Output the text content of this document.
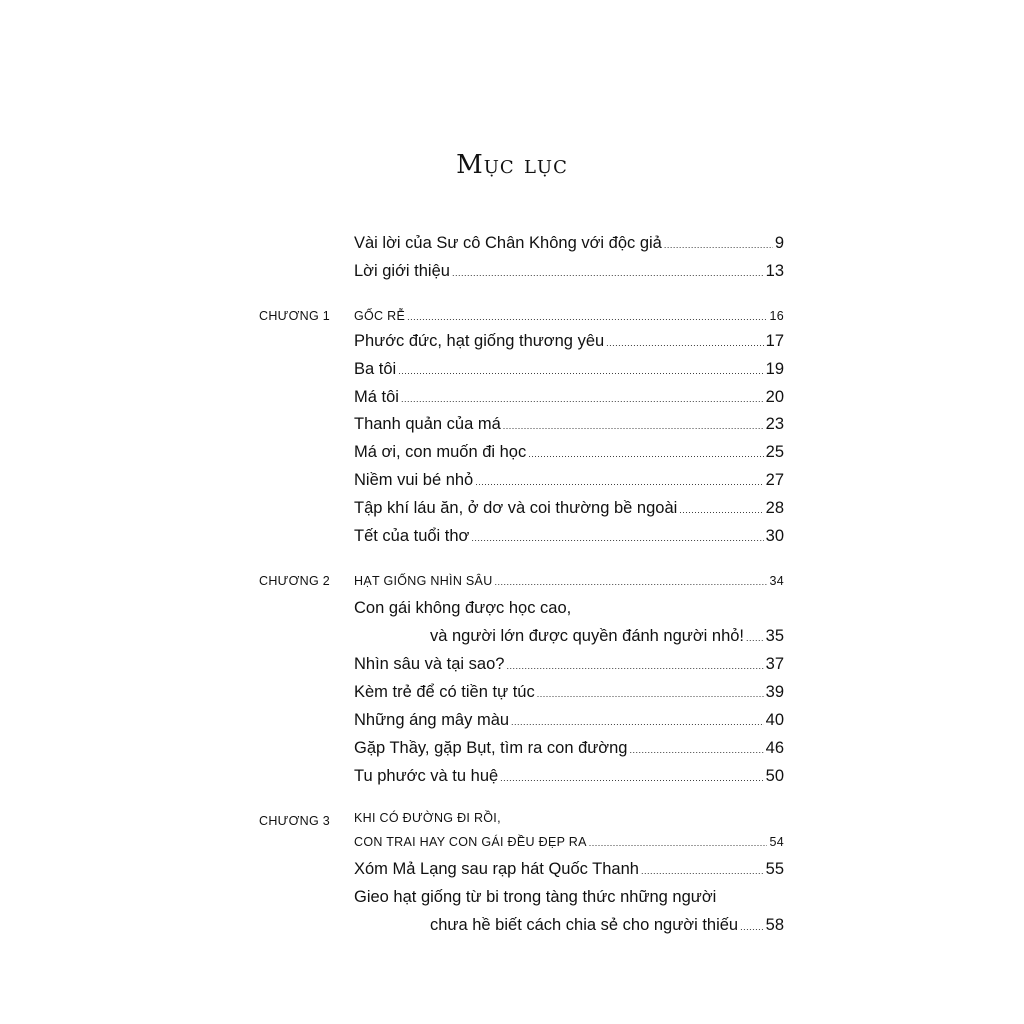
Mục lục
Vài lời của Sư cô Chân Không với độc giả .....	9
Lời giới thiệu .....	13
CHƯƠNG 1 GỐC RỄ .....	16
Phước đức, hạt giống thương yêu .....	17
Ba tôi .....	19
Má tôi .....	20
Thanh quản của má .....	23
Má ơi, con muốn đi học .....	25
Niềm vui bé nhỏ .....	27
Tập khí láu ăn, ở dơ và coi thường bề ngoài .....	28
Tết của tuổi thơ .....	30
CHƯƠNG 2 HẠT GIỐNG NHÌN SÂU .....	34
Con gái không được học cao,
và người lớn được quyền đánh người nhỏ! ..... 35
Nhìn sâu và tại sao? .....	37
Kèm trẻ để có tiền tự túc .....	39
Những áng mây màu .....	40
Gặp Thầy, gặp Bụt, tìm ra con đường .....	46
Tu phước và tu huệ .....	50
CHƯƠNG 3 KHI CÓ ĐƯỜNG ĐI RỒI,
CON TRAI HAY CON GÁI ĐỀU ĐẸP RA .....	54
Xóm Mả Lạng sau rạp hát Quốc Thanh .....	55
Gieo hạt giống từ bi trong tàng thức những người
chưa hề biết cách chia sẻ cho người thiếu ..... 58
